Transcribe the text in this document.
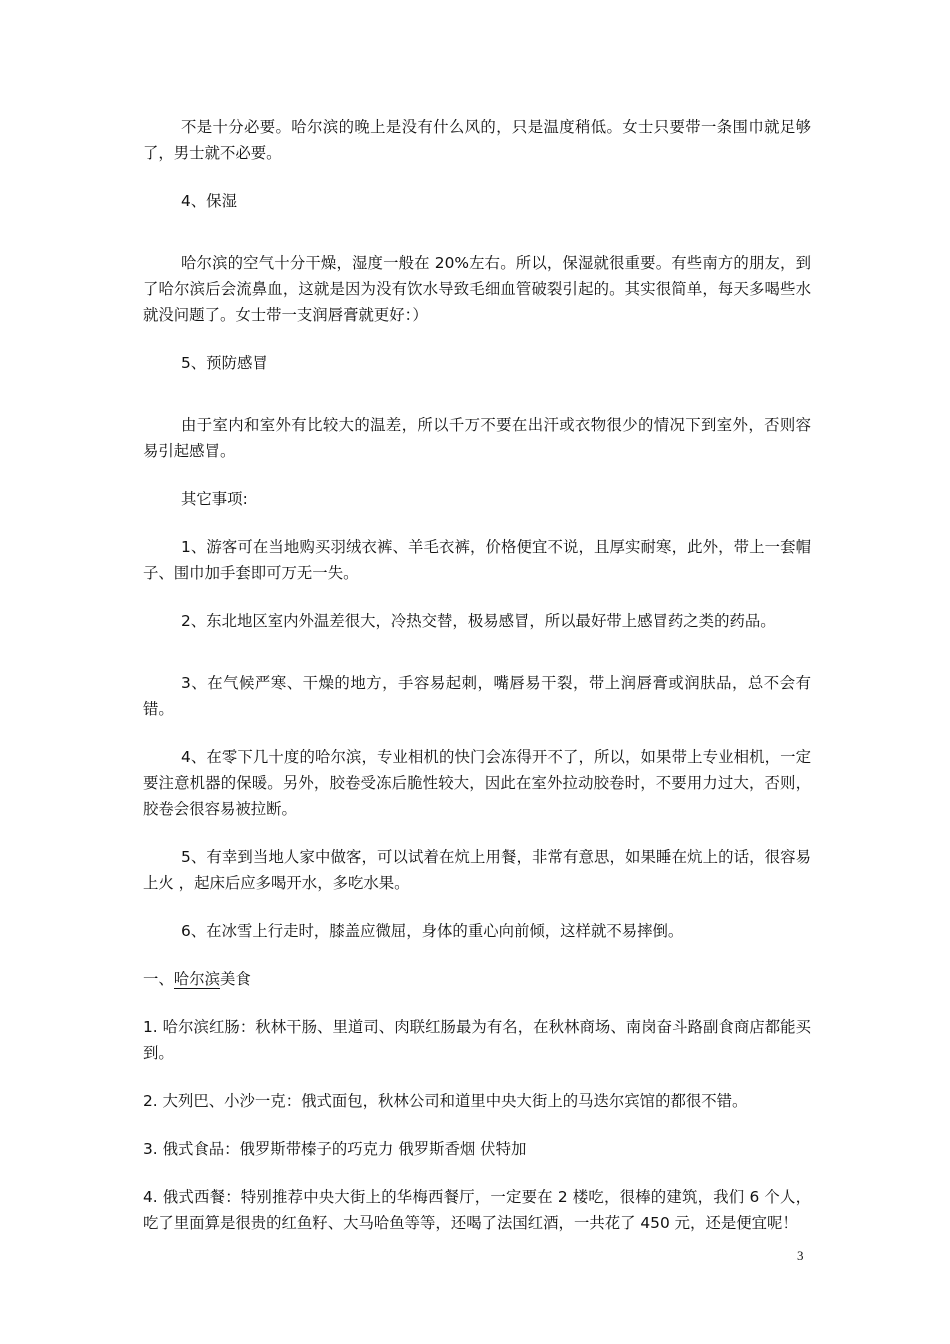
不是十分必要。哈尔滨的晚上是没有什么风的，只是温度稍低。女士只要带一条围巾就足够了，男士就不必要。

4、保湿

哈尔滨的空气十分干燥，湿度一般在 20%左右。所以，保湿就很重要。有些南方的朋友，到了哈尔滨后会流鼻血，这就是因为没有饮水导致毛细血管破裂引起的。其实很简单，每天多喝些水就没问题了。女士带一支润唇膏就更好：）

5、预防感冒

由于室内和室外有比较大的温差，所以千万不要在出汗或衣物很少的情况下到室外，否则容易引起感冒。

其它事项:

1、游客可在当地购买羽绒衣裤、羊毛衣裤，价格便宜不说，且厚实耐寒，此外，带上一套帽子、围巾加手套即可万无一失。

2、东北地区室内外温差很大，冷热交替，极易感冒，所以最好带上感冒药之类的药品。

3、在气候严寒、干燥的地方，手容易起刺，嘴唇易干裂，带上润唇膏或润肤品，总不会有错。

4、在零下几十度的哈尔滨，专业相机的快门会冻得开不了，所以，如果带上专业相机，一定要注意机器的保暖。另外，胶卷受冻后脆性较大，因此在室外拉动胶卷时，不要用力过大，否则，胶卷会很容易被拉断。

5、有幸到当地人家中做客，可以试着在炕上用餐，非常有意思，如果睡在炕上的话，很容易 上火 ，起床后应多喝开水，多吃水果。

6、在冰雪上行走时，膝盖应微屈，身体的重心向前倾，这样就不易摔倒。

一、哈尔滨美食

1. 哈尔滨红肠：秋林干肠、里道司、肉联红肠最为有名，在秋林商场、南岗奋斗路副食商店都能买到。

2. 大列巴、小沙一克：俄式面包，秋林公司和道里中央大街上的马迭尔宾馆的都很不错。

3. 俄式食品：俄罗斯带榛子的巧克力 俄罗斯香烟 伏特加

4. 俄式西餐：特别推荐中央大街上的华梅西餐厅，一定要在 2 楼吃，很棒的建筑，我们 6 个人，吃了里面算是很贵的红鱼籽、大马哈鱼等等，还喝了法国红酒，一共花了 450 元，还是便宜呢！

3
